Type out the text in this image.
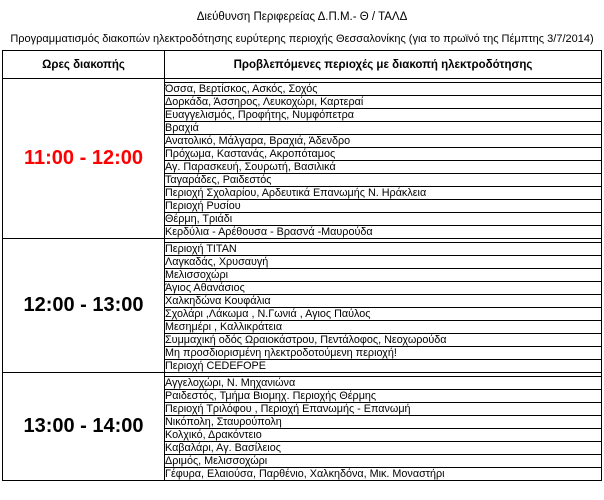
Διεύθυνση Περιφερείας Δ.Π.Μ.- Θ / ΤΑΛΔ
Προγραμματισμός διακοπών ηλεκτροδότησης ευρύτερης περιοχής Θεσσαλονίκης (για το πρωϊνό της Πέμπτης 3/7/2014)
Ωρες διακοπής	Προβλεπόμενες περιοχές με διακοπή ηλεκτροδότησης
11:00 - 12:00	
	Όσσα, Βερτίσκος, Ασκός, Σοχός
	Δορκάδα, Άσσηρος, Λευκοχώρι, Καρτεραί
	Ευαγγελισμός, Προφήτης, Νυμφόπετρα
	Βραχιά
	Ανατολικό, Μάλγαρα, Βραχιά, Άδενδρο
	Πρόχωμα, Καστανάς, Ακροπόταμος
	Αγ. Παρασκευή, Σουρωτή, Βασιλικά
	Ταγαράδες, Ραιδεστός
	Περιοχή Σχολαρίου, Αρδευτικά Επανωμής Ν. Ηράκλεια
	Περιοχή Ρυσίου
	Θέρμη, Τριάδι
	Κερδύλια - Αρέθουσα - Βρασνά -Μαυρούδα
12:00 - 13:00	
	Περιοχή ΤΙΤΑΝ
	Λαγκαδάς, Χρυσαυγή
	Μελισσοχώρι
	Άγιος Αθανάσιος
	Χαλκηδώνα Κουφάλια
	Σχολάρι ,Λάκωμα , Ν.Γωνιά , Αγιος Παύλος
	Μεσημέρι , Καλλικράτεια
	Συμμαχική οδός Ωραιοκάστρου, Πεντάλοφος, Νεοχωρούδα
	Μη προσδιορισμένη ηλεκτροδοτούμενη περιοχή!
	Περιοχή CEDEFOPE
13:00 - 14:00	
	Αγγελοχώρι, Ν. Μηχανιώνα
	Ραιδεστός, Τμήμα Βιομηχ. Περιοχής Θέρμης
	Περιοχή Τριλόφου , Περιοχή Επανωμής - Επανωμή
	Νικόπολη, Σταυρούπολη
	Κολχικό, Δρακόντειο
	Καβαλάρι, Αγ. Βασίλειος
	Δριμός, Μελισσοχώρι
	Γέφυρα, Ελαιούσα, Παρθένιο, Χαλκηδόνα, Μικ. Μοναστήρι
